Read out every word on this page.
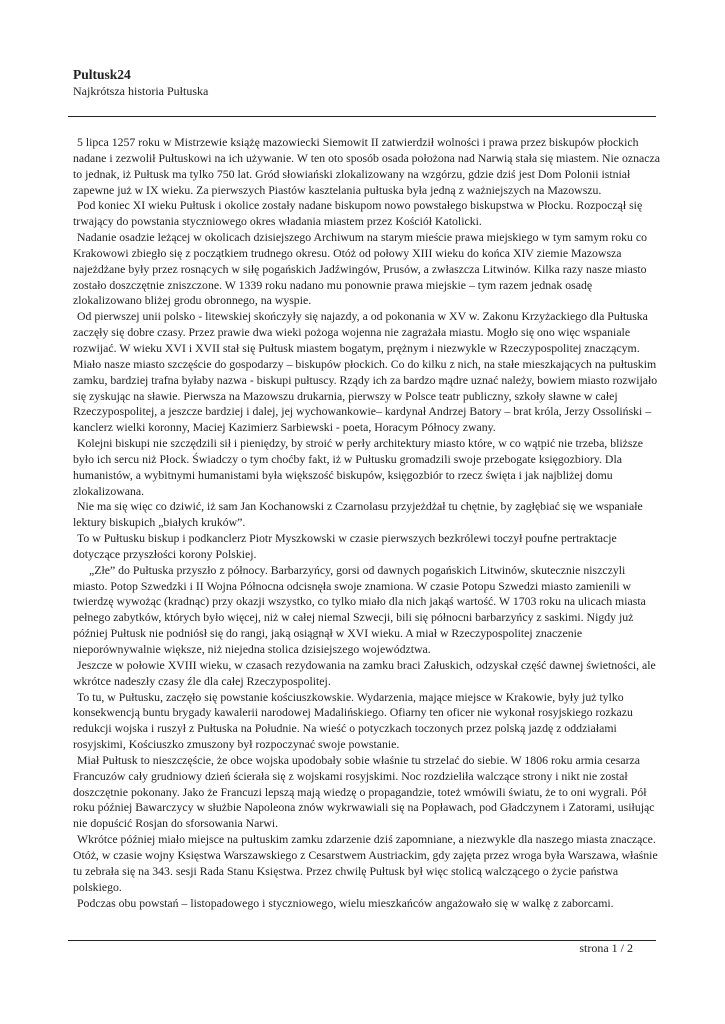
Pultusk24
Najkrótsza historia Pułtuska

5 lipca 1257 roku w Mistrzewie książę mazowiecki Siemowit II zatwierdził wolności i prawa przez biskupów płockich nadane i zezwolił Pułtuskowi na ich używanie. W ten oto sposób osada położona nad Narwią stała się miastem. Nie oznacza to jednak, iż Pułtusk ma tylko 750 lat. Gród słowiański zlokalizowany na wzgórzu, gdzie dziś jest Dom Polonii istniał zapewne już w IX wieku. Za pierwszych Piastów kasztelania pułtuska była jedną z ważniejszych na Mazowszu.

Pod koniec XI wieku Pułtusk i okolice zostały nadane biskupom nowo powstałego biskupstwa w Płocku. Rozpoczął się trwający do powstania styczniowego okres władania miastem przez Kościół Katolicki.

Nadanie osadzie leżącej w okolicach dzisiejszego Archiwum na starym mieście prawa miejskiego w tym samym roku co Krakowowi zbiegło się z początkiem trudnego okresu. Otóż od połowy XIII wieku do końca XIV ziemie Mazowsza najeżdżane były przez rosnących w siłę pogańskich Jadźwingów, Prusów, a zwłaszcza Litwinów. Kilka razy nasze miasto zostało doszczętnie zniszczone. W 1339 roku nadano mu ponownie prawa miejskie – tym razem jednak osadę zlokalizowano bliżej grodu obronnego, na wyspie.

Od pierwszej unii polsko - litewskiej skończyły się najazdy, a od pokonania w XV w. Zakonu Krzyżackiego dla Pułtuska zaczęły się dobre czasy. Przez prawie dwa wieki pożoga wojenna nie zagrażała miastu. Mogło się ono więc wspaniale rozwijać. W wieku XVI i XVII stał się Pułtusk miastem bogatym, prężnym i niezwykle w Rzeczypospolitej znaczącym. Miało nasze miasto szczęście do gospodarzy – biskupów płockich. Co do kilku z nich, na stałe mieszkających na pułtuskim zamku, bardziej trafna byłaby nazwa - biskupi pułtuscy. Rządy ich za bardzo mądre uznać należy, bowiem miasto rozwijało się zyskując na sławie. Pierwsza na Mazowszu drukarnia, pierwszy w Polsce teatr publiczny, szkoły sławne w całej Rzeczypospolitej, a jeszcze bardziej i dalej, jej wychowankowie– kardynał Andrzej Batory – brat króla, Jerzy Ossoliński – kanclerz wielki koronny, Maciej Kazimierz Sarbiewski - poeta, Horacym Północy zwany.

Kolejni biskupi nie szczędzili sił i pieniędzy, by stroić w perły architektury miasto które, w co wątpić nie trzeba, bliższe było ich sercu niż Płock. Świadczy o tym choćby fakt, iż w Pułtusku gromadzili swoje przebogate księgozbiory. Dla humanistów, a wybitnymi humanistami była większość biskupów, księgozbiór to rzecz święta i jak najbliżej domu zlokalizowana.

Nie ma się więc co dziwić, iż sam Jan Kochanowski z Czarnolasu przyjeżdżał tu chętnie, by zagłębiać się we wspaniałe lektury biskupich „białych kruków”.

To w Pułtusku biskup i podkanclerz Piotr Myszkowski w czasie pierwszych bezkrólewi toczył poufne pertraktacje dotyczące przyszłości korony Polskiej.

„Złe” do Pułtuska przyszło z północy. Barbarzyńcy, gorsi od dawnych pogańskich Litwinów, skutecznie niszczyli miasto. Potop Szwedzki i II Wojna Północna odcisnęła swoje znamiona. W czasie Potopu Szwedzi miasto zamienili w twierdzę wywożąc (kradnąc) przy okazji wszystko, co tylko miało dla nich jakąś wartość. W 1703 roku na ulicach miasta pełnego zabytków, których było więcej, niż w całej niemal Szwecji, bili się północni barbarzyńcy z saskimi. Nigdy już później Pułtusk nie podniósł się do rangi, jaką osiągnął w XVI wieku. A miał w Rzeczypospolitej znaczenie nieporównywalnie większe, niż niejedna stolica dzisiejszego województwa.

Jeszcze w połowie XVIII wieku, w czasach rezydowania na zamku braci Załuskich, odzyskał część dawnej świetności, ale wkrótce nadeszły czasy źle dla całej Rzeczypospolitej.

To tu, w Pułtusku, zaczęło się powstanie kościuszkowskie. Wydarzenia, mające miejsce w Krakowie, były już tylko konsekwencją buntu brygady kawalerii narodowej Madalińskiego. Ofiarny ten oficer nie wykonał rosyjskiego rozkazu redukcji wojska i ruszył z Pułtuska na Południe. Na wieść o potyczkach toczonych przez polską jazdę z oddziałami rosyjskimi, Kościuszko zmuszony był rozpoczynać swoje powstanie.

Miał Pułtusk to nieszczęście, że obce wojska upodobały sobie właśnie tu strzelać do siebie. W 1806 roku armia cesarza Francuzów cały grudniowy dzień ścierała się z wojskami rosyjskimi. Noc rozdzieliła walczące strony i nikt nie został doszczętnie pokonany. Jako że Francuzi lepszą mają wiedzę o propagandzie, toteż wmówili światu, że to oni wygrali. Pół roku później Bawarczycy w służbie Napoleona znów wykrwawiali się na Popławach, pod Gładczynem i Zatorami, usiłując nie dopuścić Rosjan do sforsowania Narwi.

Wkrótce później miało miejsce na pułtuskim zamku zdarzenie dziś zapomniane, a niezwykle dla naszego miasta znaczące. Otóż, w czasie wojny Księstwa Warszawskiego z Cesarstwem Austriackim, gdy zajęta przez wroga była Warszawa, właśnie tu zebrała się na 343. sesji Rada Stanu Księstwa. Przez chwilę Pułtusk był więc stolicą walczącego o życie państwa polskiego.

Podczas obu powstań – listopadowego i styczniowego, wielu mieszkańców angażowało się w walkę z zaborcami.

strona 1 / 2
